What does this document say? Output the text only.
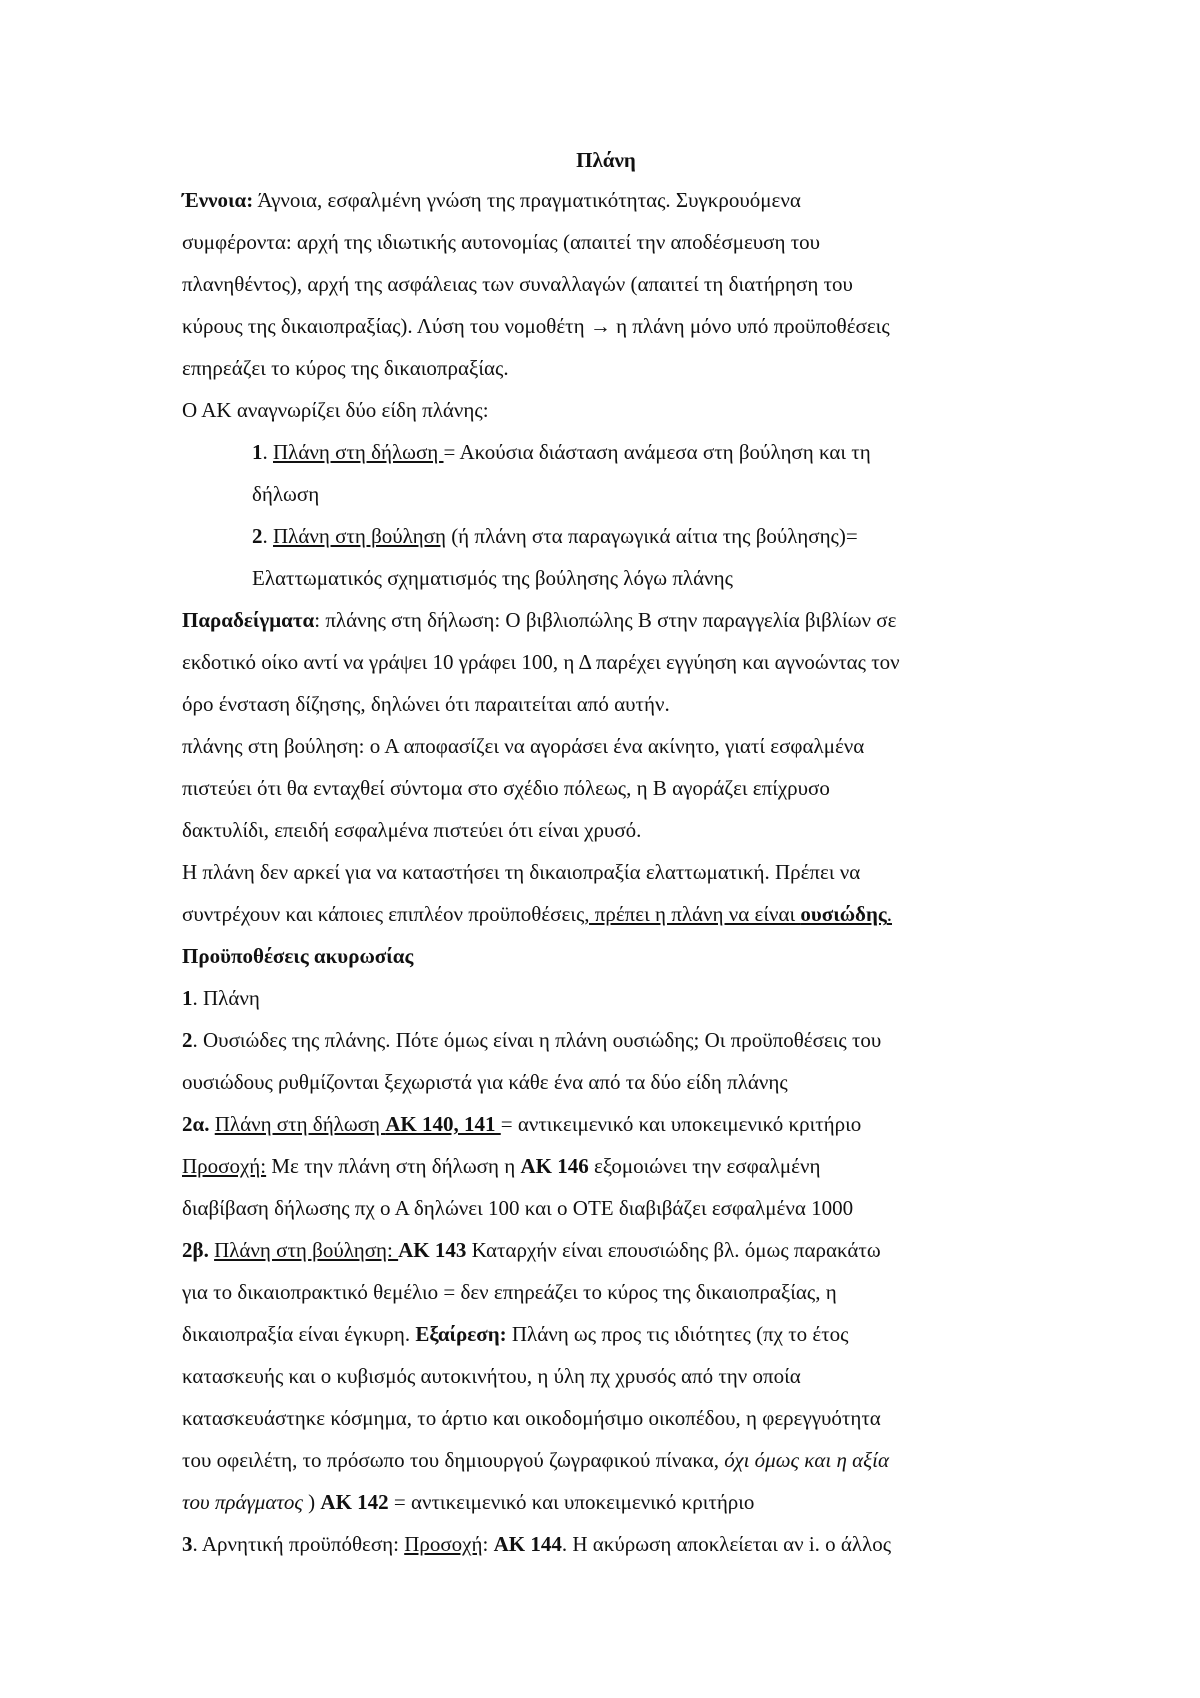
Πλάνη
Έννοια: Άγνοια, εσφαλμένη γνώση της πραγματικότητας. Συγκρουόμενα
συμφέροντα: αρχή της ιδιωτικής αυτονομίας (απαιτεί την αποδέσμευση του
πλανηθέντος), αρχή της ασφάλειας των συναλλαγών (απαιτεί τη διατήρηση του
κύρους της δικαιοπραξίας). Λύση του νομοθέτη → η πλάνη μόνο υπό προϋποθέσεις
επηρεάζει το κύρος της δικαιοπραξίας.
Ο ΑΚ αναγνωρίζει δύο είδη πλάνης:
1. Πλάνη στη δήλωση = Ακούσια διάσταση ανάμεσα στη βούληση και τη
δήλωση
2. Πλάνη στη βούληση (ή πλάνη στα παραγωγικά αίτια της βούλησης)=
Ελαττωματικός σχηματισμός της βούλησης λόγω πλάνης
Παραδείγματα: πλάνης στη δήλωση: Ο βιβλιοπώλης Β στην παραγγελία βιβλίων σε
εκδοτικό οίκο αντί να γράψει 10 γράφει 100, η Δ παρέχει εγγύηση και αγνοώντας τον
όρο ένσταση δίζησης, δηλώνει ότι παραιτείται από αυτήν.
πλάνης στη βούληση: ο Α αποφασίζει να αγοράσει ένα ακίνητο, γιατί εσφαλμένα
πιστεύει ότι θα ενταχθεί σύντομα στο σχέδιο πόλεως, η Β αγοράζει επίχρυσο
δακτυλίδι, επειδή εσφαλμένα πιστεύει ότι είναι χρυσό.
Η πλάνη δεν αρκεί για να καταστήσει τη δικαιοπραξία ελαττωματική. Πρέπει να
συντρέχουν και κάποιες επιπλέον προϋποθέσεις, πρέπει η πλάνη να είναι ουσιώδης.
Προϋποθέσεις ακυρωσίας
1. Πλάνη
2. Ουσιώδες της πλάνης. Πότε όμως είναι η πλάνη ουσιώδης; Οι προϋποθέσεις του
ουσιώδους ρυθμίζονται ξεχωριστά για κάθε ένα από τα δύο είδη πλάνης
2α. Πλάνη στη δήλωση ΑΚ 140, 141 = αντικειμενικό και υποκειμενικό κριτήριο
Προσοχή: Με την πλάνη στη δήλωση η ΑΚ 146 εξομοιώνει την εσφαλμένη
διαβίβαση δήλωσης πχ ο Α δηλώνει 100 και ο ΟΤΕ διαβιβάζει εσφαλμένα 1000
2β. Πλάνη στη βούληση: ΑΚ 143 Καταρχήν είναι επουσιώδης βλ. όμως παρακάτω
για το δικαιοπρακτικό θεμέλιο = δεν επηρεάζει το κύρος της δικαιοπραξίας, η
δικαιοπραξία είναι έγκυρη. Εξαίρεση: Πλάνη ως προς τις ιδιότητες (πχ το έτος
κατασκευής και ο κυβισμός αυτοκινήτου, η ύλη πχ χρυσός από την οποία
κατασκευάστηκε κόσμημα, το άρτιο και οικοδομήσιμο οικοπέδου, η φερεγγυότητα
του οφειλέτη, το πρόσωπο του δημιουργού ζωγραφικού πίνακα, όχι όμως και η αξία
του πράγματος ) ΑΚ 142 = αντικειμενικό και υποκειμενικό κριτήριο
3. Αρνητική προϋπόθεση: Προσοχή: ΑΚ 144. Η ακύρωση αποκλείεται αν i. ο άλλος
